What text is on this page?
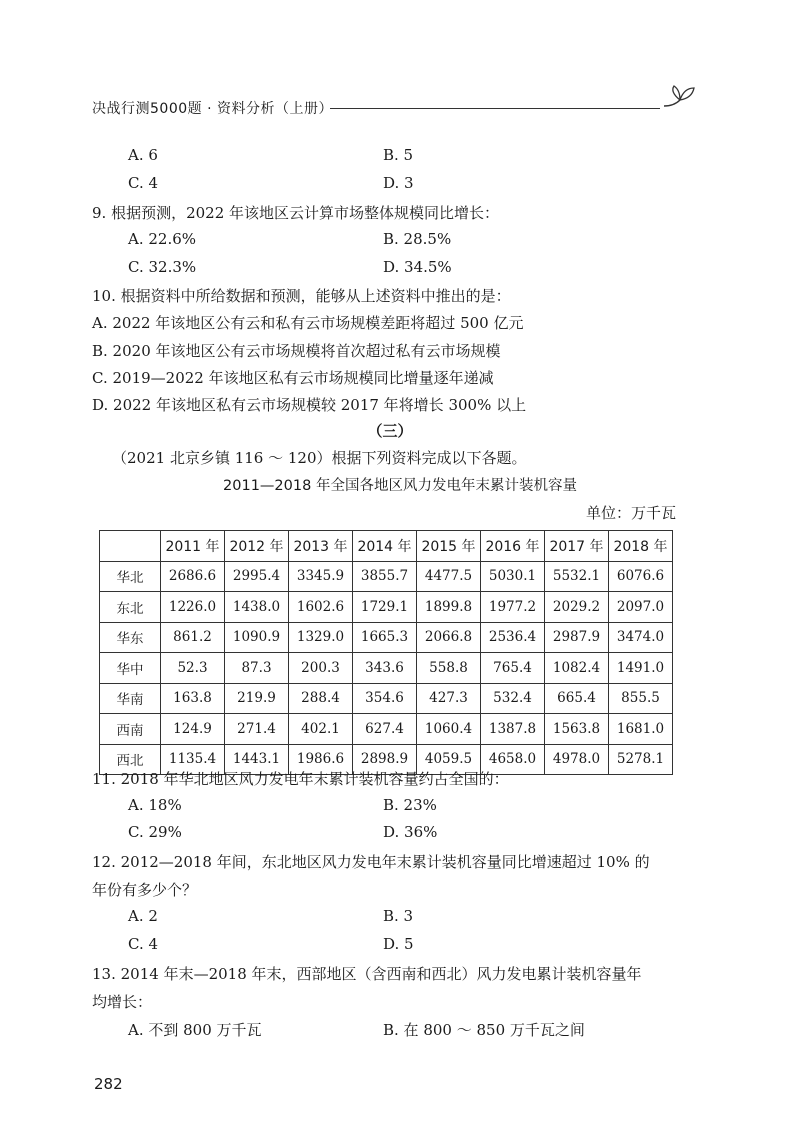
决战行测5000题 · 资料分析（上册）
A. 6	B. 5
C. 4	D. 3
9. 根据预测，2022 年该地区云计算市场整体规模同比增长：
A. 22.6%	B. 28.5%
C. 32.3%	D. 34.5%
10. 根据资料中所给数据和预测，能够从上述资料中推出的是：
A. 2022 年该地区公有云和私有云市场规模差距将超过 500 亿元
B. 2020 年该地区公有云市场规模将首次超过私有云市场规模
C. 2019—2022 年该地区私有云市场规模同比增量逐年递减
D. 2022 年该地区私有云市场规模较 2017 年将增长 300% 以上
（三）
（2021 北京乡镇 116 ～ 120）根据下列资料完成以下各题。
2011—2018 年全国各地区风力发电年末累计装机容量
单位：万千瓦
	2011 年	2012 年	2013 年	2014 年	2015 年	2016 年	2017 年	2018 年
华北	2686.6	2995.4	3345.9	3855.7	4477.5	5030.1	5532.1	6076.6
东北	1226.0	1438.0	1602.6	1729.1	1899.8	1977.2	2029.2	2097.0
华东	861.2	1090.9	1329.0	1665.3	2066.8	2536.4	2987.9	3474.0
华中	52.3	87.3	200.3	343.6	558.8	765.4	1082.4	1491.0
华南	163.8	219.9	288.4	354.6	427.3	532.4	665.4	855.5
西南	124.9	271.4	402.1	627.4	1060.4	1387.8	1563.8	1681.0
西北	1135.4	1443.1	1986.6	2898.9	4059.5	4658.0	4978.0	5278.1
11. 2018 年华北地区风力发电年末累计装机容量约占全国的：
A. 18%	B. 23%
C. 29%	D. 36%
12. 2012—2018 年间，东北地区风力发电年末累计装机容量同比增速超过 10% 的
年份有多少个？
A. 2	B. 3
C. 4	D. 5
13. 2014 年末—2018 年末，西部地区（含西南和西北）风力发电累计装机容量年
均增长：
A. 不到 800 万千瓦	B. 在 800 ～ 850 万千瓦之间
282
